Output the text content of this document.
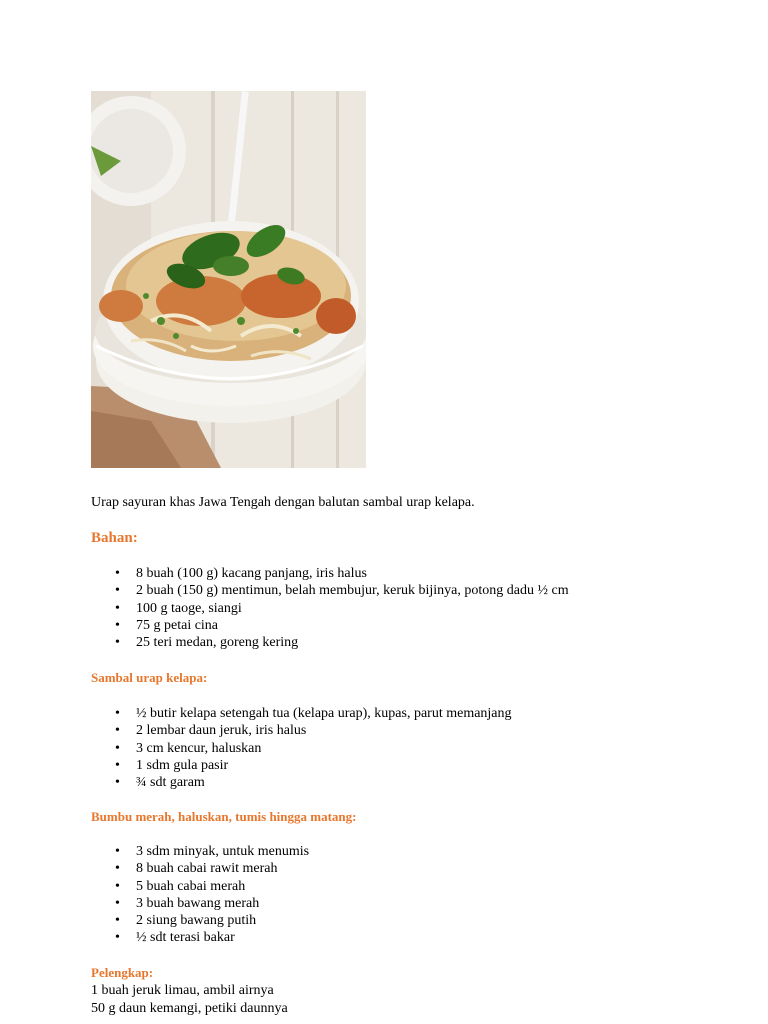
Urap sayuran khas Jawa Tengah dengan balutan sambal urap kelapa.

Bahan:
• 8 buah (100 g) kacang panjang, iris halus
• 2 buah (150 g) mentimun, belah membujur, keruk bijinya, potong dadu ½ cm
• 100 g taoge, siangi
• 75 g petai cina
• 25 teri medan, goreng kering
Sambal urap kelapa:
• ½ butir kelapa setengah tua (kelapa urap), kupas, parut memanjang
• 2 lembar daun jeruk, iris halus
• 3 cm kencur, haluskan
• 1 sdm gula pasir
• ¾ sdt garam
Bumbu merah, haluskan, tumis hingga matang:
• 3 sdm minyak, untuk menumis
• 8 buah cabai rawit merah
• 5 buah cabai merah
• 3 buah bawang merah
• 2 siung bawang putih
• ½ sdt terasi bakar
Pelengkap:

1 buah jeruk limau, ambil airnya

50 g daun kemangi, petiki daunnya
